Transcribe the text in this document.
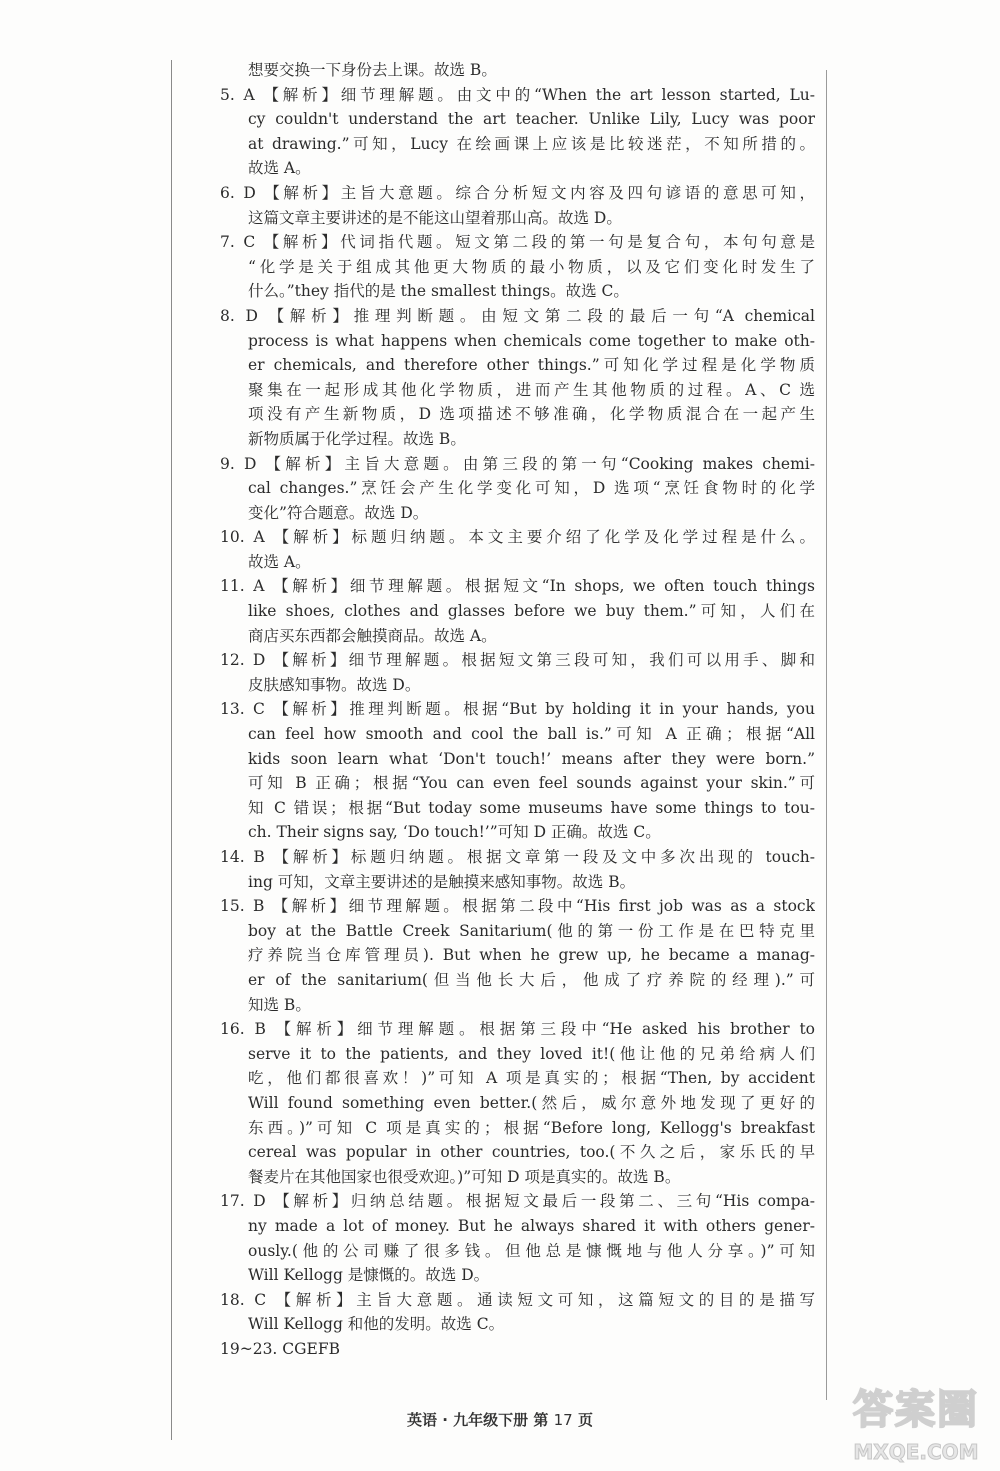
想要交换一下身份去上课。故选 B。
5. A 【解析】细节理解题。由文中的“When the art lesson started, Lu-
cy couldn't understand the art teacher. Unlike Lily, Lucy was poor
at drawing.”可知，Lucy 在绘画课上应该是比较迷茫，不知所措的。
故选 A。
6. D 【解析】主旨大意题。综合分析短文内容及四句谚语的意思可知，
这篇文章主要讲述的是不能这山望着那山高。故选 D。
7. C 【解析】代词指代题。短文第二段的第一句是复合句，本句句意是
“化学是关于组成其他更大物质的最小物质，以及它们变化时发生了
什么。”they 指代的是 the smallest things。故选 C。
8. D 【解析】推理判断题。由短文第二段的最后一句“A chemical
process is what happens when chemicals come together to make oth-
er chemicals, and therefore other things.”可知化学过程是化学物质
聚集在一起形成其他化学物质，进而产生其他物质的过程。A、C 选
项没有产生新物质，D 选项描述不够准确，化学物质混合在一起产生
新物质属于化学过程。故选 B。
9. D 【解析】主旨大意题。由第三段的第一句“Cooking makes chemi-
cal changes.”烹饪会产生化学变化可知，D 选项“烹饪食物时的化学
变化”符合题意。故选 D。
10. A 【解析】标题归纳题。本文主要介绍了化学及化学过程是什么。
故选 A。
11. A 【解析】细节理解题。根据短文“In shops, we often touch things
like shoes, clothes and glasses before we buy them.”可知，人们在
商店买东西都会触摸商品。故选 A。
12. D 【解析】细节理解题。根据短文第三段可知，我们可以用手、脚和
皮肤感知事物。故选 D。
13. C 【解析】推理判断题。根据“But by holding it in your hands, you
can feel how smooth and cool the ball is.”可知 A 正确；根据“All
kids soon learn what ‘Don't touch!’ means after they were born.”
可知 B 正确；根据“You can even feel sounds against your skin.”可
知 C 错误；根据“But today some museums have some things to tou-
ch. Their signs say, ‘Do touch!’”可知 D 正确。故选 C。
14. B 【解析】标题归纳题。根据文章第一段及文中多次出现的 touch-
ing 可知，文章主要讲述的是触摸来感知事物。故选 B。
15. B 【解析】细节理解题。根据第二段中“His first job was as a stock
boy at the Battle Creek Sanitarium(他的第一份工作是在巴特克里
疗养院当仓库管理员). But when he grew up, he became a manag-
er of the sanitarium(但当他长大后，他成了疗养院的经理).”可
知选 B。
16. B 【解析】细节理解题。根据第三段中“He asked his brother to
serve it to the patients, and they loved it!(他让他的兄弟给病人们
吃，他们都很喜欢！)”可知 A 项是真实的；根据“Then, by accident
Will found something even better.(然后，威尔意外地发现了更好的
东西。)”可知 C 项是真实的；根据“Before long, Kellogg's breakfast
cereal was popular in other countries, too.(不久之后，家乐氏的早
餐麦片在其他国家也很受欢迎。)”可知 D 项是真实的。故选 B。
17. D 【解析】归纳总结题。根据短文最后一段第二、三句“His compa-
ny made a lot of money. But he always shared it with others gener-
ously.(他的公司赚了很多钱。但他总是慷慨地与他人分享。)”可知
Will Kellogg 是慷慨的。故选 D。
18. C 【解析】主旨大意题。通读短文可知，这篇短文的目的是描写
Will Kellogg 和他的发明。故选 C。
19~23. CGEFB
英语 · 九年级下册 第 17 页	答案圈
MXQE.COM
